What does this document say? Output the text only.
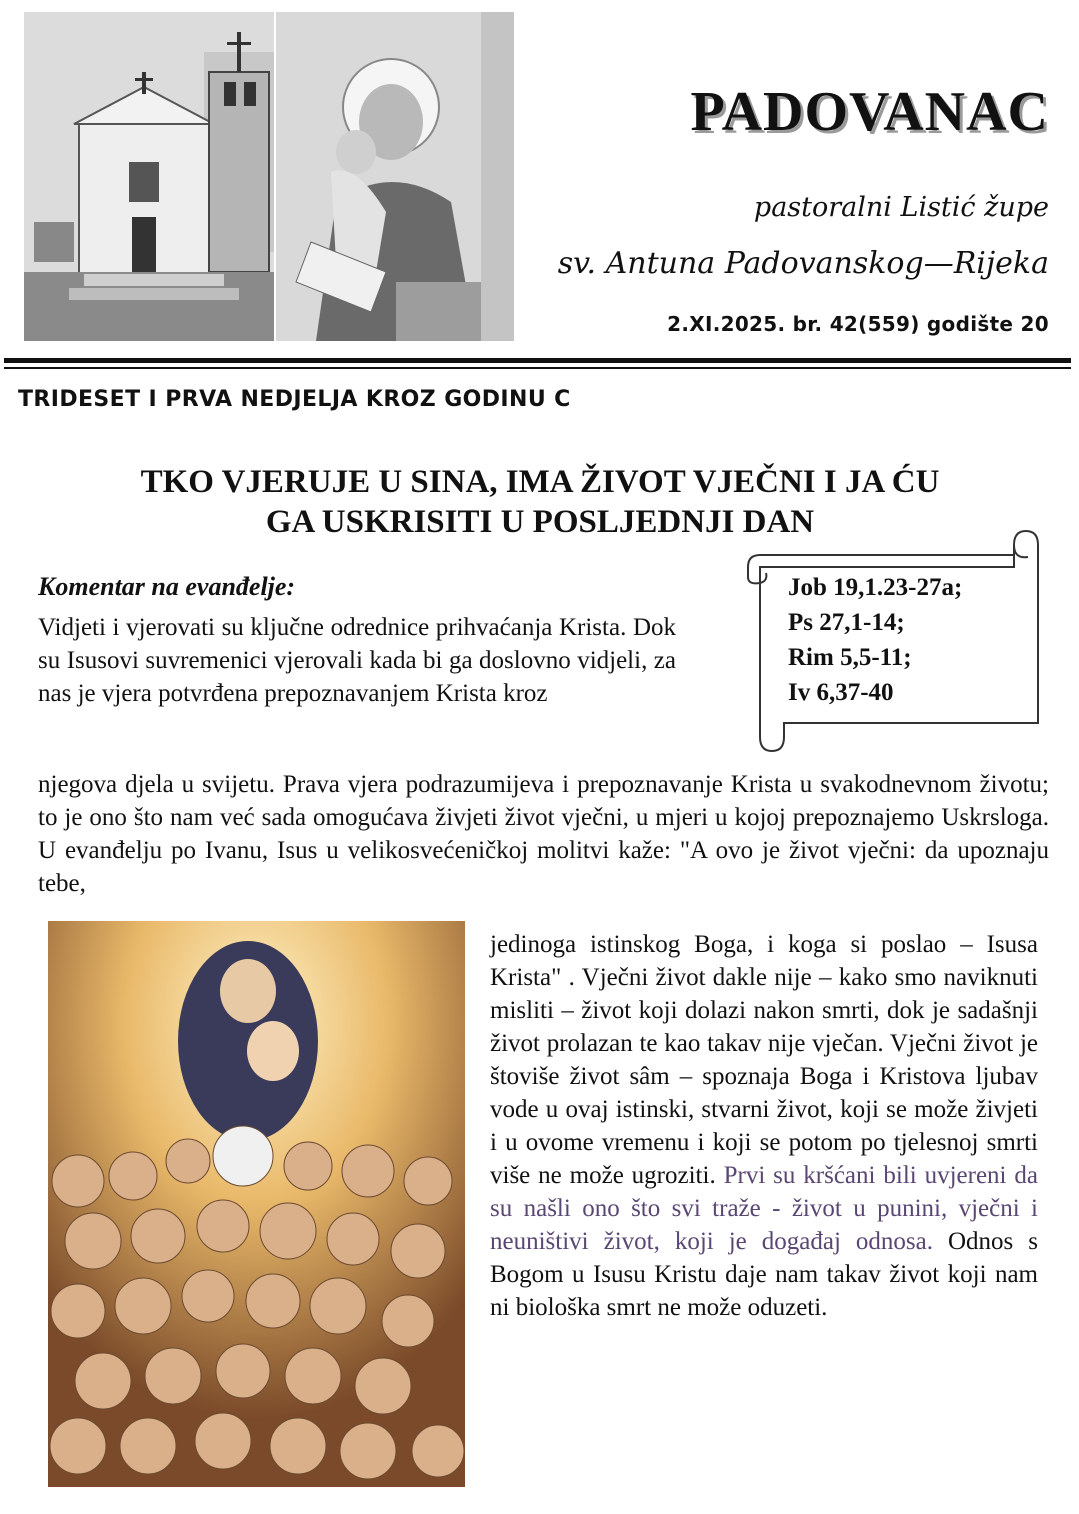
PADOVANAC
pastoralni Listić župe
sv. Antuna Padovanskog—Rijeka
2.XI.2025. br. 42(559) godište 20
TRIDESET I PRVA NEDJELJA KROZ GODINU C
TKO VJERUJE U SINA, IMA ŽIVOT VJEČNI I JA ĆU
GA USKRISITI U POSLJEDNJI DAN
Job 19,1.23-27a;
Ps 27,1-14;
Rim 5,5-11;
Iv 6,37-40
Komentar na evanđelje:
Vidjeti i vjerovati su ključne odrednice prihvaćanja Krista. Dok su Isusovi suvremenici vjerovali kada bi ga doslovno vidjeli, za nas je vjera potvrđena prepoznavanjem Krista kroz
njegova djela u svijetu. Prava vjera podrazumijeva i prepoznavanje Krista u svakodnevnom životu; to je ono što nam već sada omogućava živjeti život vječni, u mjeri u kojoj prepoznajemo Uskrsloga. U evanđelju po Ivanu, Isus u velikosvećeničkoj molitvi kaže: "A ovo je život vječni: da upoznaju tebe,
jedinoga istinskog Boga, i koga si poslao – Isusa Krista" . Vječni život dakle nije – kako smo naviknuti misliti – život koji dolazi nakon smrti, dok je sadašnji život prolazan te kao takav nije vječan. Vječni život je štoviše život sâm – spoznaja Boga i Kristova ljubav vode u ovaj istinski, stvarni život, koji se može živjeti i u ovome vremenu i koji se potom po tjelesnoj smrti više ne može ugroziti. Prvi su kršćani bili uvjereni da su našli ono što svi traže - život u punini, vječni i neuništivi život, koji je događaj odnosa. Odnos s Bogom u Isusu Kristu daje nam takav život koji nam ni biološka smrt ne može oduzeti.
